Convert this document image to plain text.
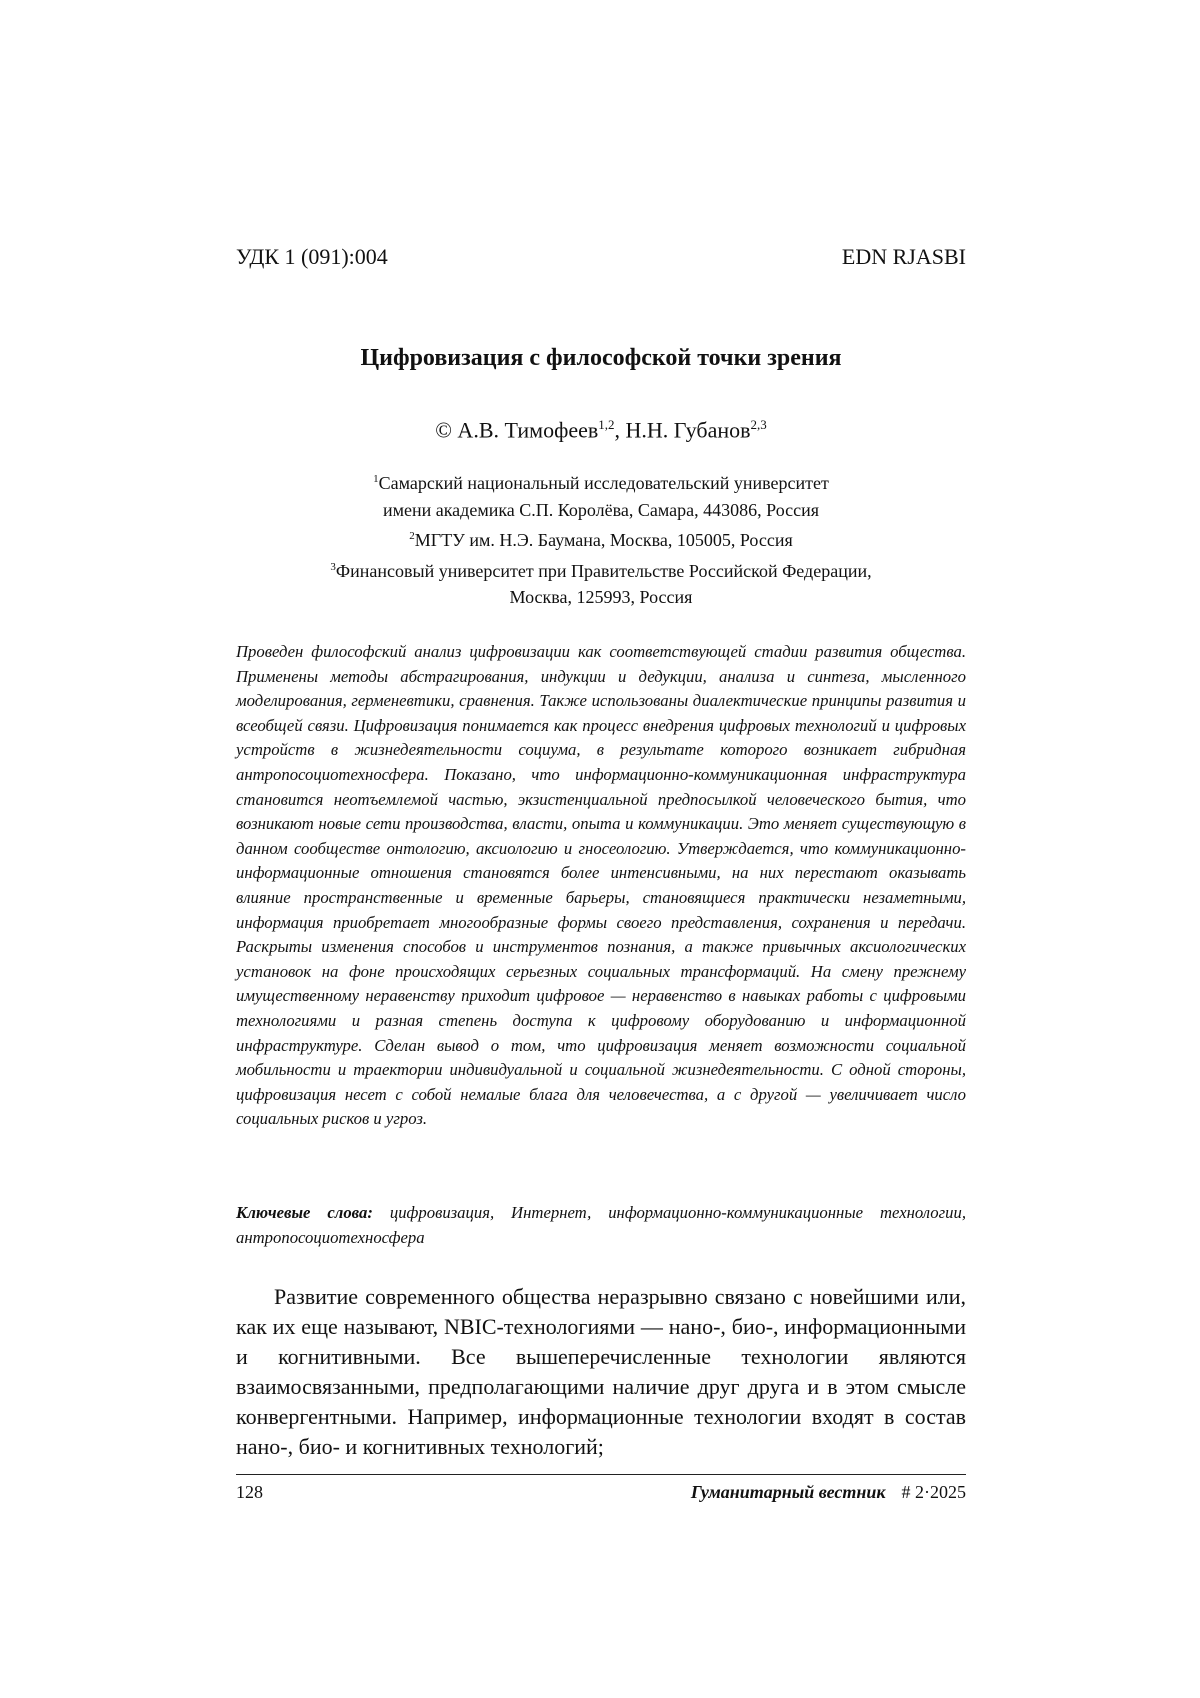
УДК 1 (091):004	EDN RJASBI
Цифровизация с философской точки зрения
© А.В. Тимофеев$^{1,2}$, Н.Н. Губанов$^{2,3}$
$^1$Самарский национальный исследовательский университет
имени академика С.П. Королёва, Самара, 443086, Россия
$^2$МГТУ им. Н.Э. Баумана, Москва, 105005, Россия
$^3$Финансовый университет при Правительстве Российской Федерации,
Москва, 125993, Россия

Проведен философский анализ цифровизации как соответствующей стадии развития общества. Применены методы абстрагирования, индукции и дедукции, анализа и синтеза, мысленного моделирования, герменевтики, сравнения. Также использованы диалектические принципы развития и всеобщей связи. Цифровизация понимается как процесс внедрения цифровых технологий и цифровых устройств в жизнедеятельности социума, в результате которого возникает гибридная антропосоциотехносфера. Показано, что информационно-коммуникационная инфраструктура становится неотъемлемой частью, экзистенциальной предпосылкой человеческого бытия, что возникают новые сети производства, власти, опыта и коммуникации. Это меняет существующую в данном сообществе онтологию, аксиологию и гносеологию. Утверждается, что коммуникационно-информационные отношения становятся более интенсивными, на них перестают оказывать влияние пространственные и временные барьеры, становящиеся практически незаметными, информация приобретает многообразные формы своего представления, сохранения и передачи. Раскрыты изменения способов и инструментов познания, а также привычных аксиологических установок на фоне происходящих серьезных социальных трансформаций. На смену прежнему имущественному неравенству приходит цифровое — неравенство в навыках работы с цифровыми технологиями и разная степень доступа к цифровому оборудованию и информационной инфраструктуре. Сделан вывод о том, что цифровизация меняет возможности социальной мобильности и траектории индивидуальной и социальной жизнедеятельности. С одной стороны, цифровизация несет с собой немалые блага для человечества, а с другой — увеличивает число социальных рисков и угроз.

Ключевые слова: цифровизация, Интернет, информационно-коммуникационные технологии, антропосоциотехносфера

Развитие современного общества неразрывно связано с новейшими или, как их еще называют, NBIC-технологиями — нано-, био-, информационными и когнитивными. Все вышеперечисленные технологии являются взаимосвязанными, предполагающими наличие друг друга и в этом смысле конвергентными. Например, информационные технологии входят в состав нано-, био- и когнитивных технологий;

128	Гуманитарный вестник # 2·2025
